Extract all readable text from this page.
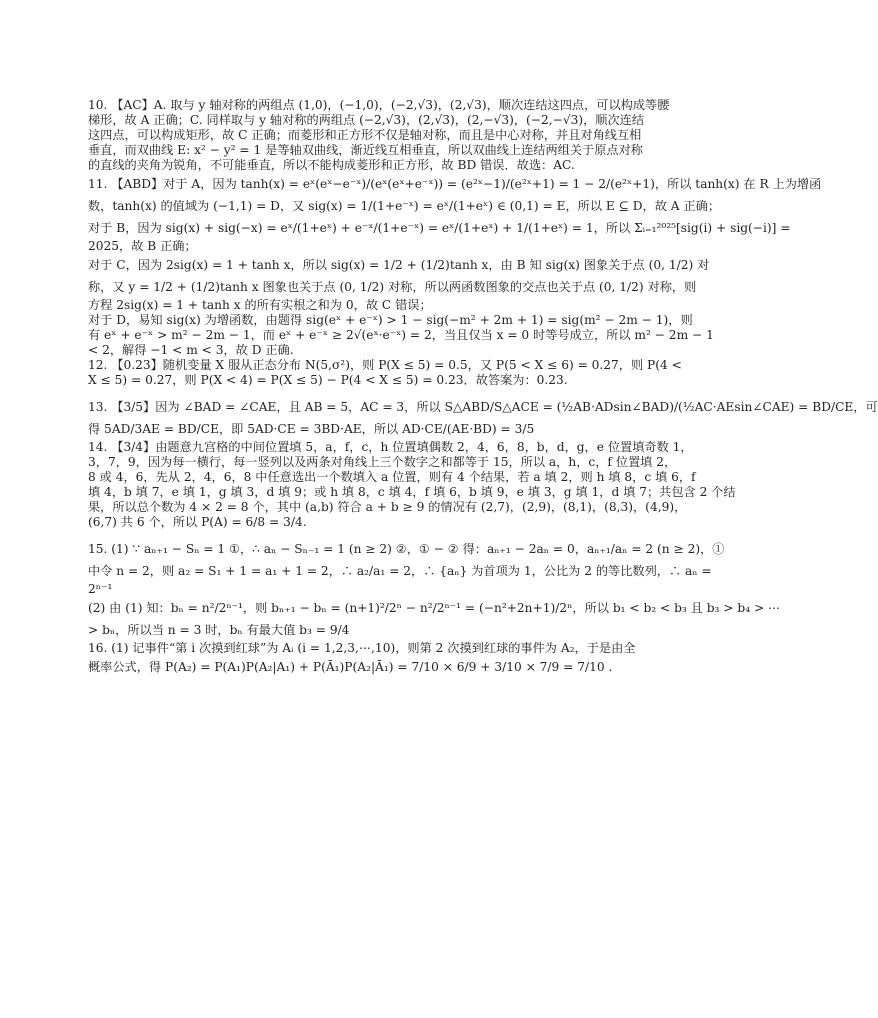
10. 【AC】A. 取与 y 轴对称的两组点 (1,0)，(−1,0)，(−2,√3)，(2,√3)，顺次连结这四点，可以构成等腰
梯形，故 A 正确；C. 同样取与 y 轴对称的两组点 (−2,√3)，(2,√3)，(2,−√3)，(−2,−√3)，顺次连结
这四点，可以构成矩形，故 C 正确；而菱形和正方形不仅是轴对称，而且是中心对称，并且对角线互相
垂直，而双曲线 E: x² − y² = 1 是等轴双曲线，渐近线互相垂直，所以双曲线上连结两组关于原点对称
的直线的夹角为锐角，不可能垂直，所以不能构成菱形和正方形，故 BD 错误．故选：AC.
11. 【ABD】对于 A，因为 tanh(x) = eˣ(eˣ−e⁻ˣ)/(eˣ(eˣ+e⁻ˣ)) = (e²ˣ−1)/(e²ˣ+1) = 1 − 2/(e²ˣ+1)，所以 tanh(x) 在 R 上为增函
数，tanh(x) 的值域为 (−1,1) = D，又 sig(x) = 1/(1+e⁻ˣ) = eˣ/(1+eˣ) ∈ (0,1) = E，所以 E ⊆ D，故 A 正确；
对于 B，因为 sig(x) + sig(−x) = eˣ/(1+eˣ) + e⁻ˣ/(1+e⁻ˣ) = eˣ/(1+eˣ) + 1/(1+eˣ) = 1，所以 Σᵢ₌₁²⁰²⁵[sig(i) + sig(−i)] =
2025，故 B 正确；
对于 C，因为 2sig(x) = 1 + tanh x，所以 sig(x) = 1/2 + (1/2)tanh x，由 B 知 sig(x) 图象关于点 (0, 1/2) 对
称，又 y = 1/2 + (1/2)tanh x 图象也关于点 (0, 1/2) 对称，所以两函数图象的交点也关于点 (0, 1/2) 对称，则
方程 2sig(x) = 1 + tanh x 的所有实根之和为 0，故 C 错误；
对于 D，易知 sig(x) 为增函数，由题得 sig(eˣ + e⁻ˣ) > 1 − sig(−m² + 2m + 1) = sig(m² − 2m − 1)，则
有 eˣ + e⁻ˣ > m² − 2m − 1，而 eˣ + e⁻ˣ ≥ 2√(eˣ·e⁻ˣ) = 2，当且仅当 x = 0 时等号成立，所以 m² − 2m − 1
< 2，解得 −1 < m < 3，故 D 正确.
12. 【0.23】随机变量 X 服从正态分布 N(5,σ²)，则 P(X ≤ 5) = 0.5，又 P(5 < X ≤ 6) = 0.27，则 P(4 <
X ≤ 5) = 0.27，则 P(X < 4) = P(X ≤ 5) − P(4 < X ≤ 5) = 0.23．故答案为：0.23.
13. 【3/5】因为 ∠BAD = ∠CAE，且 AB = 5，AC = 3，所以 S△ABD/S△ACE = (½AB·ADsin∠BAD)/(½AC·AEsin∠CAE) = BD/CE，可
得 5AD/3AE = BD/CE，即 5AD·CE = 3BD·AE，所以 AD·CE/(AE·BD) = 3/5
14. 【3/4】由题意九宫格的中间位置填 5，a，f，c，h 位置填偶数 2，4，6，8，b，d，g，e 位置填奇数 1，
3，7，9，因为每一横行，每一竖列以及两条对角线上三个数字之和都等于 15，所以 a，h，c，f 位置填 2，
8 或 4，6，先从 2，4，6，8 中任意选出一个数填入 a 位置，则有 4 个结果，若 a 填 2，则 h 填 8，c 填 6，f
填 4，b 填 7，e 填 1，g 填 3，d 填 9；或 h 填 8，c 填 4，f 填 6，b 填 9，e 填 3，g 填 1，d 填 7；共包含 2 个结
果，所以总个数为 4 × 2 = 8 个，其中 (a,b) 符合 a + b ≥ 9 的情况有 (2,7)，(2,9)，(8,1)，(8,3)，(4,9)，
(6,7) 共 6 个，所以 P(A) = 6/8 = 3/4.
15. (1) ∵ aₙ₊₁ − Sₙ = 1 ①，∴ aₙ − Sₙ₋₁ = 1 (n ≥ 2) ②，① − ② 得：aₙ₊₁ − 2aₙ = 0，aₙ₊₁/aₙ = 2 (n ≥ 2)，①
中令 n = 2，则 a₂ = S₁ + 1 = a₁ + 1 = 2，∴ a₂/a₁ = 2，∴ {aₙ} 为首项为 1，公比为 2 的等比数列，∴ aₙ =
2ⁿ⁻¹
(2) 由 (1) 知：bₙ = n²/2ⁿ⁻¹，则 bₙ₊₁ − bₙ = (n+1)²/2ⁿ − n²/2ⁿ⁻¹ = (−n²+2n+1)/2ⁿ，所以 b₁ < b₂ < b₃ 且 b₃ > b₄ > ⋯
> bₙ，所以当 n = 3 时，bₙ 有最大值 b₃ = 9/4
16. (1) 记事件“第 i 次摸到红球”为 Aᵢ (i = 1,2,3,⋯,10)，则第 2 次摸到红球的事件为 A₂，于是由全
概率公式，得 P(A₂) = P(A₁)P(A₂|A₁) + P(Ā₁)P(A₂|Ā₁) = 7/10 × 6/9 + 3/10 × 7/9 = 7/10 .
